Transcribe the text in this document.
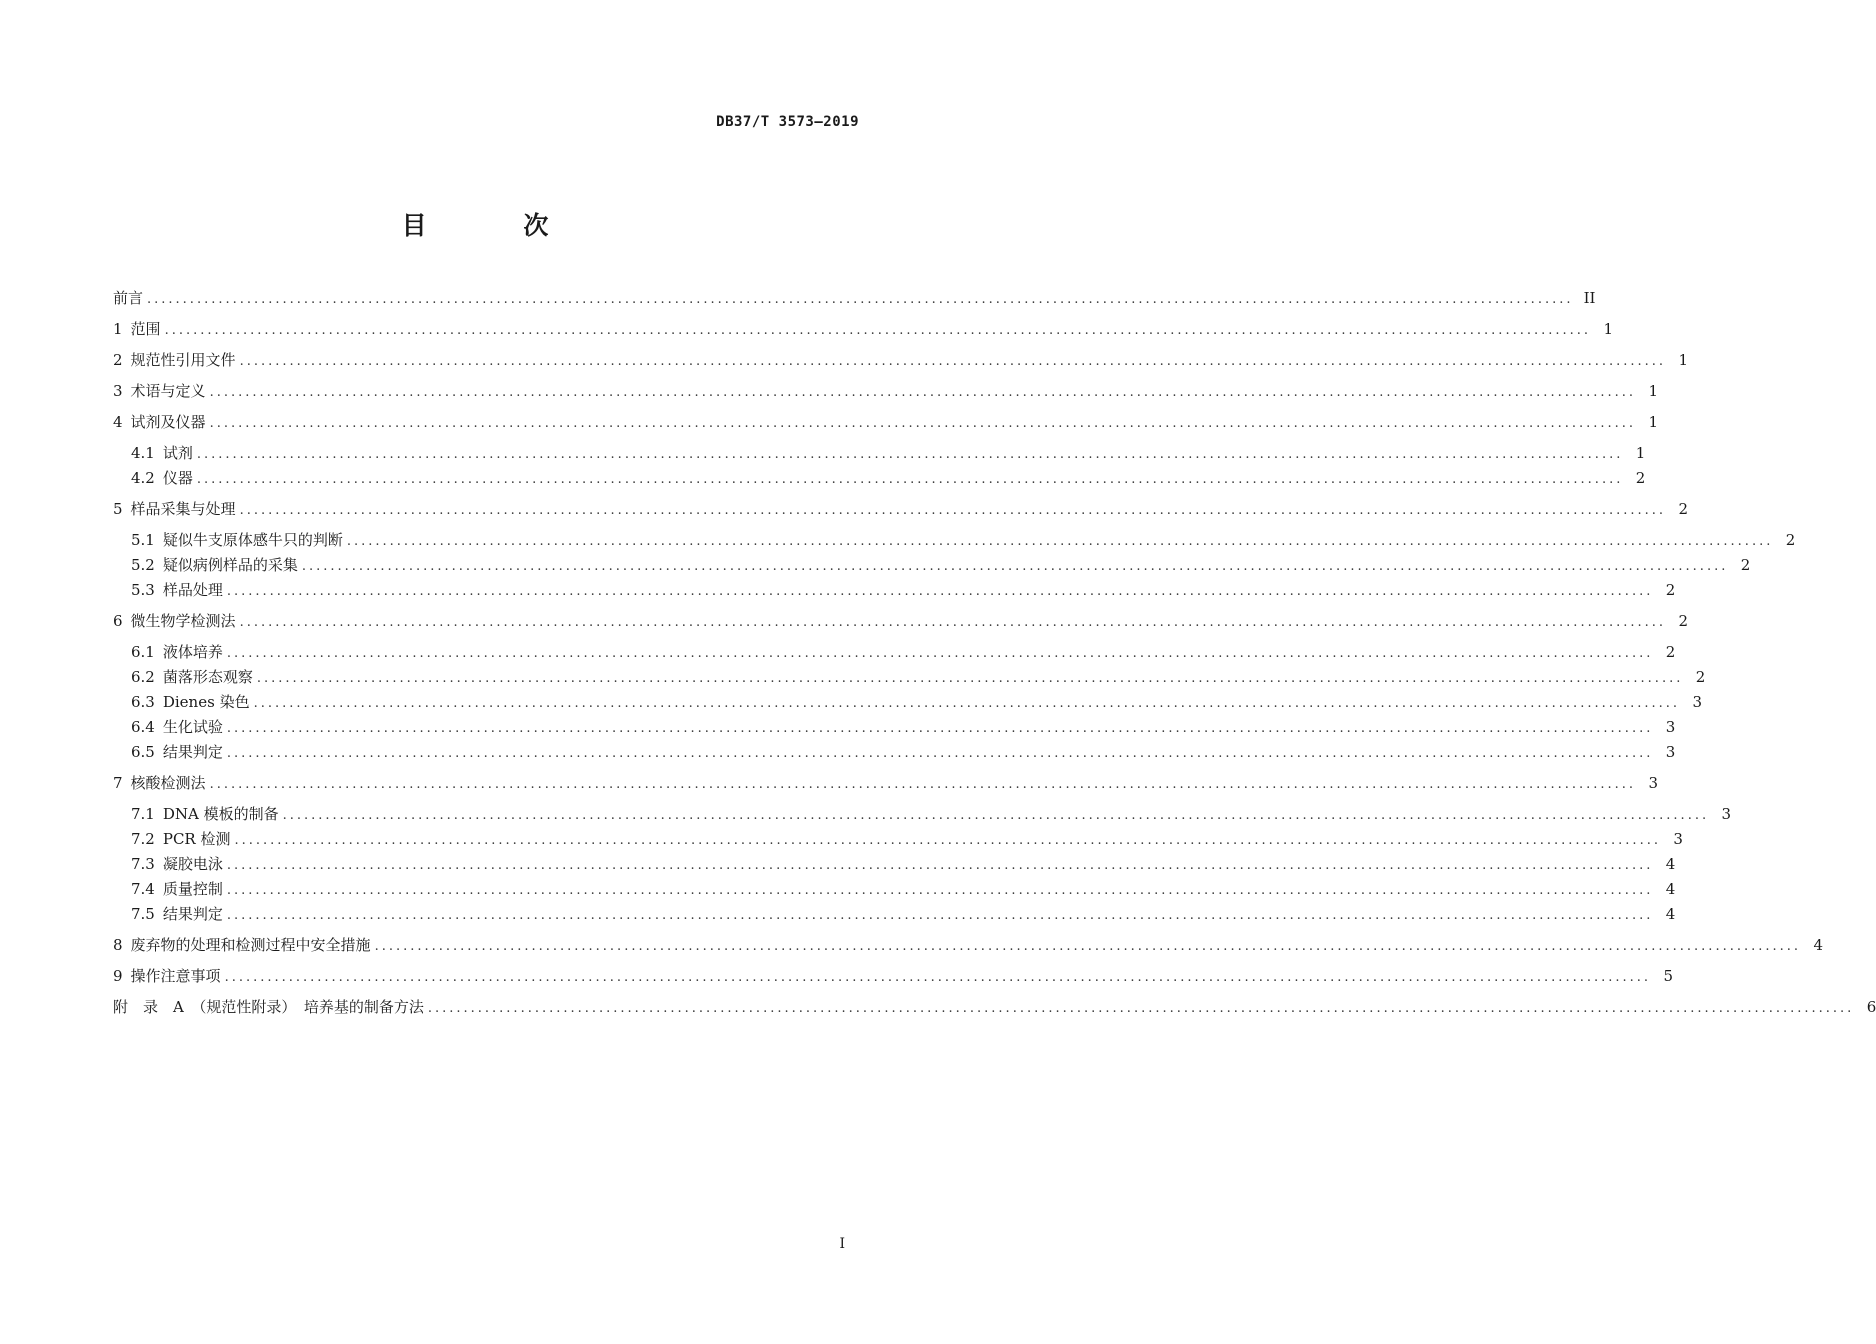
DB37/T 3573—2019
目 次
前言 ........................................................................................................................................................................................................ II
1 范围 ........................................................................................................................................................................................................ 1
2 规范性引用文件 ........................................................................................................................................................................................................ 1
3 术语与定义 ........................................................................................................................................................................................................ 1
4 试剂及仪器 ........................................................................................................................................................................................................ 1
4.1 试剂 ........................................................................................................................................................................................................ 1
4.2 仪器 ........................................................................................................................................................................................................ 2
5 样品采集与处理 ........................................................................................................................................................................................................ 2
5.1 疑似牛支原体感牛只的判断 ........................................................................................................................................................................................................ 2
5.2 疑似病例样品的采集 ........................................................................................................................................................................................................ 2
5.3 样品处理 ........................................................................................................................................................................................................ 2
6 微生物学检测法 ........................................................................................................................................................................................................ 2
6.1 液体培养 ........................................................................................................................................................................................................ 2
6.2 菌落形态观察 ........................................................................................................................................................................................................ 2
6.3 Dienes 染色 ........................................................................................................................................................................................................ 3
6.4 生化试验 ........................................................................................................................................................................................................ 3
6.5 结果判定 ........................................................................................................................................................................................................ 3
7 核酸检测法 ........................................................................................................................................................................................................ 3
7.1 DNA 模板的制备 ........................................................................................................................................................................................................ 3
7.2 PCR 检测 ........................................................................................................................................................................................................ 3
7.3 凝胶电泳 ........................................................................................................................................................................................................ 4
7.4 质量控制 ........................................................................................................................................................................................................ 4
7.5 结果判定 ........................................................................................................................................................................................................ 4
8 废弃物的处理和检测过程中安全措施 ........................................................................................................................................................................................................ 4
9 操作注意事项 ........................................................................................................................................................................................................ 5
附　录　A　（规范性附录）　培养基的制备方法 ........................................................................................................................................................................................................ 6
I
